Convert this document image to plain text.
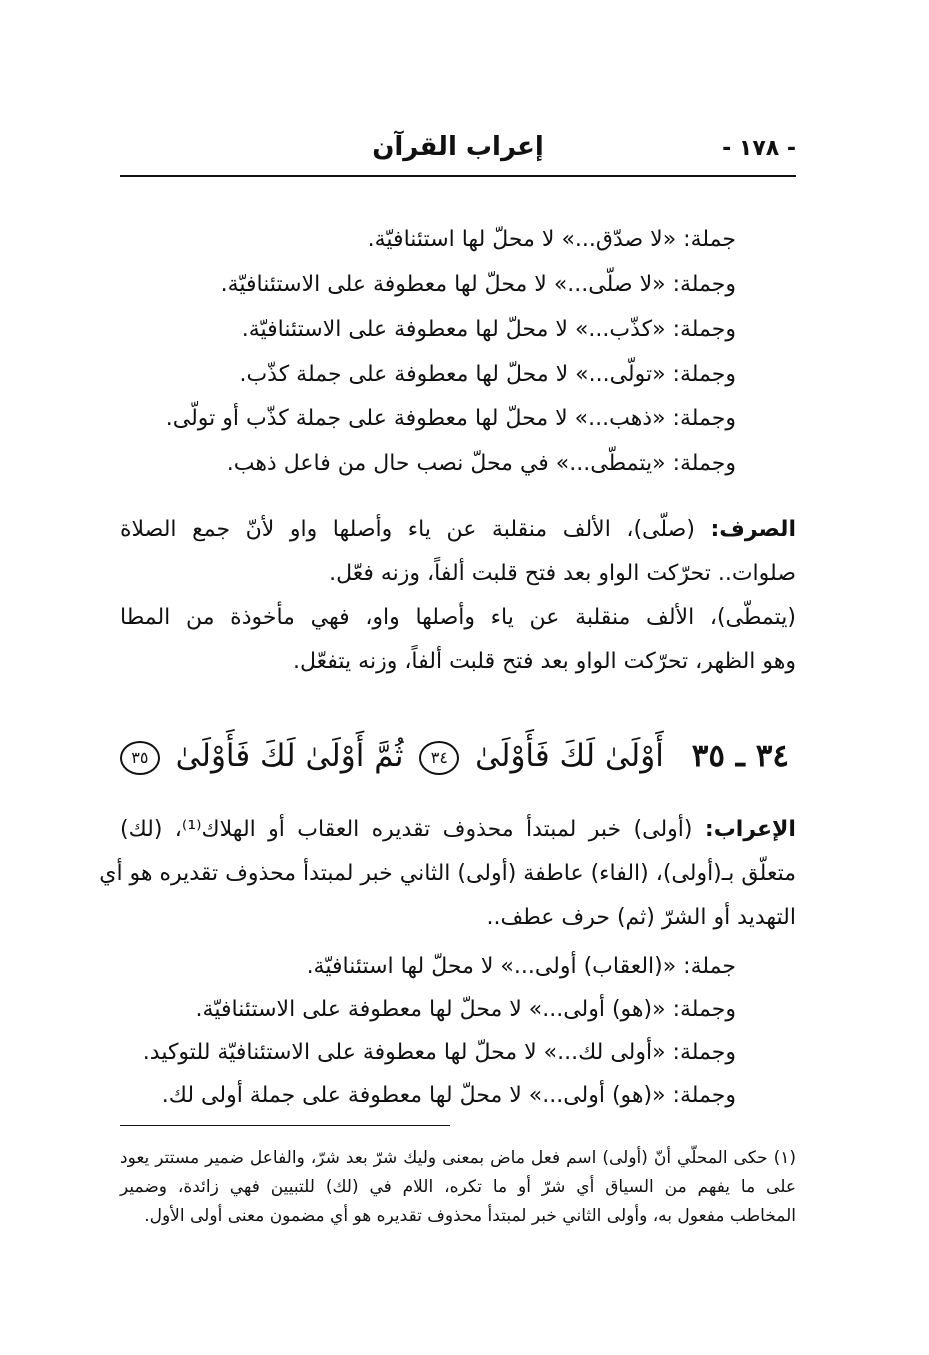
إعراب القرآن	- ١٧٨ -
جملة: «لا صدّق...» لا محلّ لها استئنافيّة.
وجملة: «لا صلّى...» لا محلّ لها معطوفة على الاستئنافيّة.
وجملة: «كذّب...» لا محلّ لها معطوفة على الاستئنافيّة.
وجملة: «تولّى...» لا محلّ لها معطوفة على جملة كذّب.
وجملة: «ذهب...» لا محلّ لها معطوفة على جملة كذّب أو تولّى.
وجملة: «يتمطّى...» في محلّ نصب حال من فاعل ذهب.
الصرف: (صلّى)، الألف منقلبة عن ياء وأصلها واو لأنّ جمع الصلاة
صلوات.. تحرّكت الواو بعد فتح قلبت ألفاً، وزنه فعّل.
(يتمطّى)، الألف منقلبة عن ياء وأصلها واو، فهي مأخوذة من المطا
وهو الظهر، تحرّكت الواو بعد فتح قلبت ألفاً، وزنه يتفعّل.
٣٤ ـ ٣٥ أَوْلَىٰ لَكَ فَأَوْلَىٰ ٣٤ ثُمَّ أَوْلَىٰ لَكَ فَأَوْلَىٰ ٣٥
الإعراب: (أولى) خبر لمبتدأ محذوف تقديره العقاب أو الهلاك⁽¹⁾، (لك)
متعلّق بـ(أولى)، (الفاء) عاطفة (أولى) الثاني خبر لمبتدأ محذوف تقديره هو أي
التهديد أو الشرّ (ثم) حرف عطف..
جملة: «(العقاب) أولى...» لا محلّ لها استئنافيّة.
وجملة: «(هو) أولى...» لا محلّ لها معطوفة على الاستئنافيّة.
وجملة: «أولى لك...» لا محلّ لها معطوفة على الاستئنافيّة للتوكيد.
وجملة: «(هو) أولى...» لا محلّ لها معطوفة على جملة أولى لك.
(١) حكى المحلّي أنّ (أولى) اسم فعل ماض بمعنى وليك شرّ بعد شرّ، والفاعل ضمير مستتر يعود
على ما يفهم من السياق أي شرّ أو ما تكره، اللام في (لك) للتبيين فهي زائدة، وضمير
المخاطب مفعول به، وأولى الثاني خبر لمبتدأ محذوف تقديره هو أي مضمون معنى أولى الأول.
